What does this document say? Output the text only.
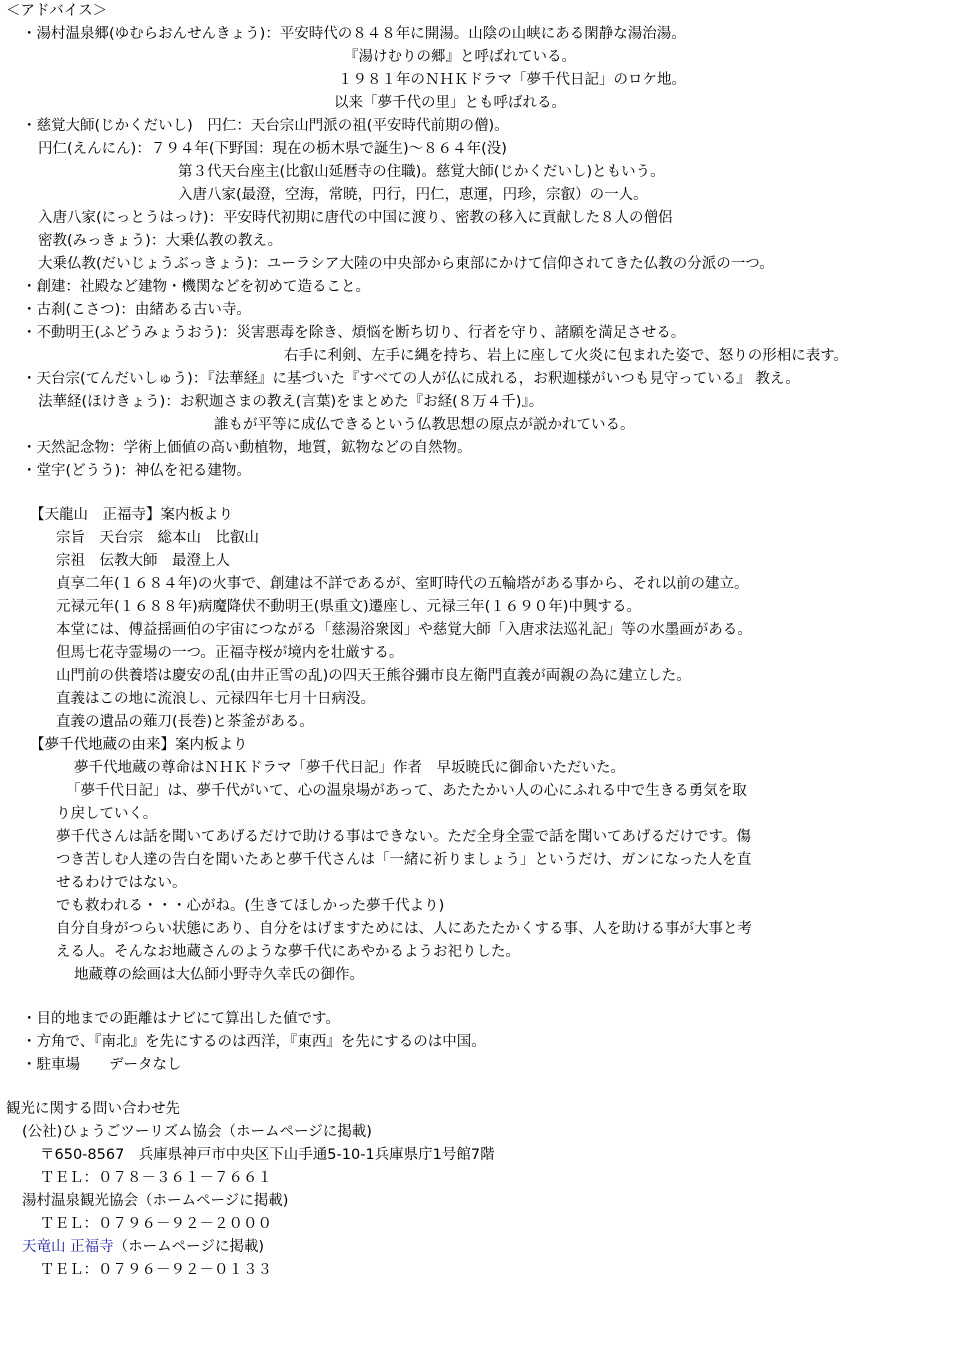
＜アドバイス＞
・湯村温泉郷(ゆむらおんせんきょう)：平安時代の８４８年に開湯。山陰の山峡にある閑静な湯治湯。
『湯けむりの郷』と呼ばれている。
１９８１年のＮＨＫドラマ「夢千代日記」のロケ地。
以来「夢千代の里」とも呼ばれる。
・慈覚大師(じかくだいし)　円仁：天台宗山門派の祖(平安時代前期の僧)。
円仁(えんにん)：７９４年(下野国：現在の栃木県で誕生)～８６４年(没)
第３代天台座主(比叡山延暦寺の住職)。慈覚大師(じかくだいし)ともいう。
入唐八家(最澄，空海，常暁，円行，円仁，恵運，円珍，宗叡）の一人。
入唐八家(にっとうはっけ)：平安時代初期に唐代の中国に渡り、密教の移入に貢献した８人の僧侶
密教(みっきょう)：大乗仏教の教え。
大乗仏教(だいじょうぶっきょう)：ユーラシア大陸の中央部から東部にかけて信仰されてきた仏教の分派の一つ。
・創建：社殿など建物・機関などを初めて造ること。
・古刹(こさつ)：由緒ある古い寺。
・不動明王(ふどうみょうおう)：災害悪毒を除き、煩悩を断ち切り、行者を守り、諸願を満足させる。
右手に利剣、左手に縄を持ち、岩上に座して火炎に包まれた姿で、怒りの形相に表す。
・天台宗(てんだいしゅう)：『法華経』に基づいた『すべての人が仏に成れる，お釈迦様がいつも見守っている』 教え。
法華経(ほけきょう)：お釈迦さまの教え(言葉)をまとめた『お経(８万４千)』。
誰もが平等に成仏できるという仏教思想の原点が説かれている。
・天然記念物：学術上価値の高い動植物，地質，鉱物などの自然物。
・堂宇(どうう)：神仏を祀る建物。
【天龍山　正福寺】案内板より
宗旨　天台宗　総本山　比叡山
宗祖　伝教大師　最澄上人
貞享二年(１６８４年)の火事で、創建は不詳であるが、室町時代の五輪塔がある事から、それ以前の建立。
元禄元年(１６８８年)病魔降伏不動明王(県重文)遷座し、元禄三年(１６９０年)中興する。
本堂には、傅益揺画伯の宇宙につながる「慈湯浴衆図」や慈覚大師「入唐求法巡礼記」等の水墨画がある。
但馬七花寺霊場の一つ。正福寺桜が境内を壮厳する。
山門前の供養塔は慶安の乱(由井正雪の乱)の四天王熊谷彌市良左衛門直義が両親の為に建立した。
直義はこの地に流浪し、元禄四年七月十日病没。
直義の遺品の薙刀(長巻)と茶釜がある。
【夢千代地蔵の由来】案内板より
夢千代地蔵の尊命はＮＨＫドラマ「夢千代日記」作者　早坂暁氏に御命いただいた。
「夢千代日記」は、夢千代がいて、心の温泉場があって、あたたかい人の心にふれる中で生きる勇気を取
り戻していく。
夢千代さんは話を聞いてあげるだけで助ける事はできない。ただ全身全霊で話を聞いてあげるだけです。傷
つき苦しむ人達の告白を聞いたあと夢千代さんは「一緒に祈りましょう」というだけ、ガンになった人を直
せるわけではない。
でも救われる・・・心がね。(生きてほしかった夢千代より)
自分自身がつらい状態にあり、自分をはげますためには、人にあたたかくする事、人を助ける事が大事と考
える人。そんなお地蔵さんのような夢千代にあやかるようお祀りした。
地蔵尊の絵画は大仏師小野寺久幸氏の御作。
・目的地までの距離はナビにて算出した値です。
・方角で、『南北』を先にするのは西洋，『東西』を先にするのは中国。
・駐車場　　データなし
観光に関する問い合わせ先
(公社)ひょうごツーリズム協会（ホームページに掲載)
〒650-8567　兵庫県神戸市中央区下山手通5-10-1兵庫県庁1号館7階
ＴＥＬ：０７８－３６１－７６６１
湯村温泉観光協会（ホームページに掲載)
ＴＥＬ：０７９６－９２－２０００
天竜山 正福寺（ホームページに掲載)
ＴＥＬ：０７９６－９２－０１３３
